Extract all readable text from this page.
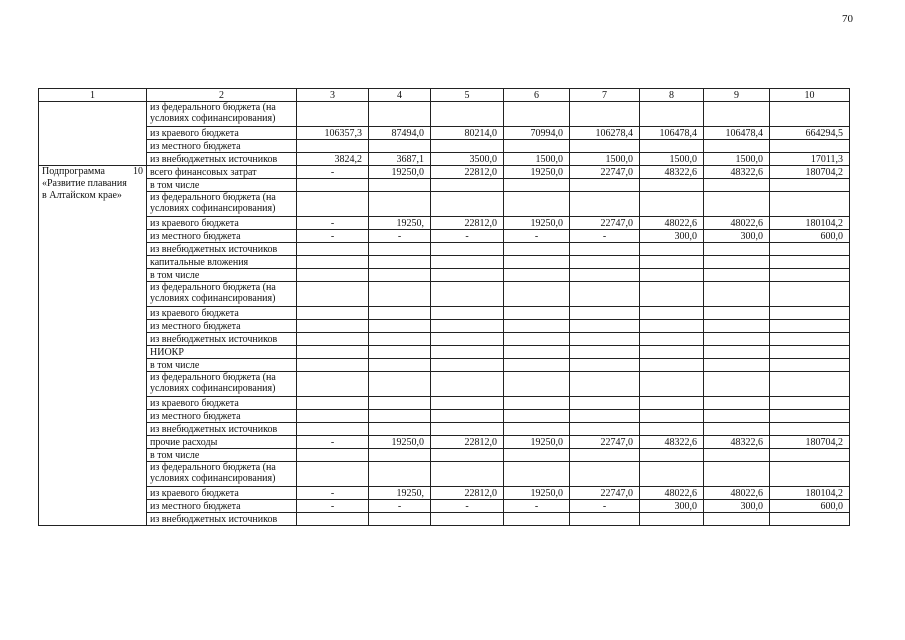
70
1	2	3	4	5	6	7	8	9	10
	из федерального бюджета (на условиях софинансирования)								
	из краевого бюджета	106357,3	87494,0	80214,0	70994,0	106278,4	106478,4	106478,4	664294,5
	из местного бюджета								
	из внебюджетных источников	3824,2	3687,1	3500,0	1500,0	1500,0	1500,0	1500,0	17011,3

Подпрограмма 10
«Развитие плавания
в Алтайском крае»	всего финансовых затрат	-	19250,0	22812,0	19250,0	22747,0	48322,6	48322,6	180704,2
	в том числе								
	из федерального бюджета (на условиях софинансирования)								
	из краевого бюджета	-	19250,	22812,0	19250,0	22747,0	48022,6	48022,6	180104,2
	из местного бюджета	-	-	-	-	-	300,0	300,0	600,0
	из внебюджетных источников								
	капитальные вложения								
	в том числе								
	из федерального бюджета (на условиях софинансирования)								
	из краевого бюджета								
	из местного бюджета								
	из внебюджетных источников								
	НИОКР								
	в том числе								
	из федерального бюджета (на условиях софинансирования)								
	из краевого бюджета								
	из местного бюджета								
	из внебюджетных источников								
	прочие расходы	-	19250,0	22812,0	19250,0	22747,0	48322,6	48322,6	180704,2
	в том числе								
	из федерального бюджета (на условиях софинансирования)								
	из краевого бюджета	-	19250,	22812,0	19250,0	22747,0	48022,6	48022,6	180104,2
	из местного бюджета	-	-	-	-	-	300,0	300,0	600,0
	из внебюджетных источников								
